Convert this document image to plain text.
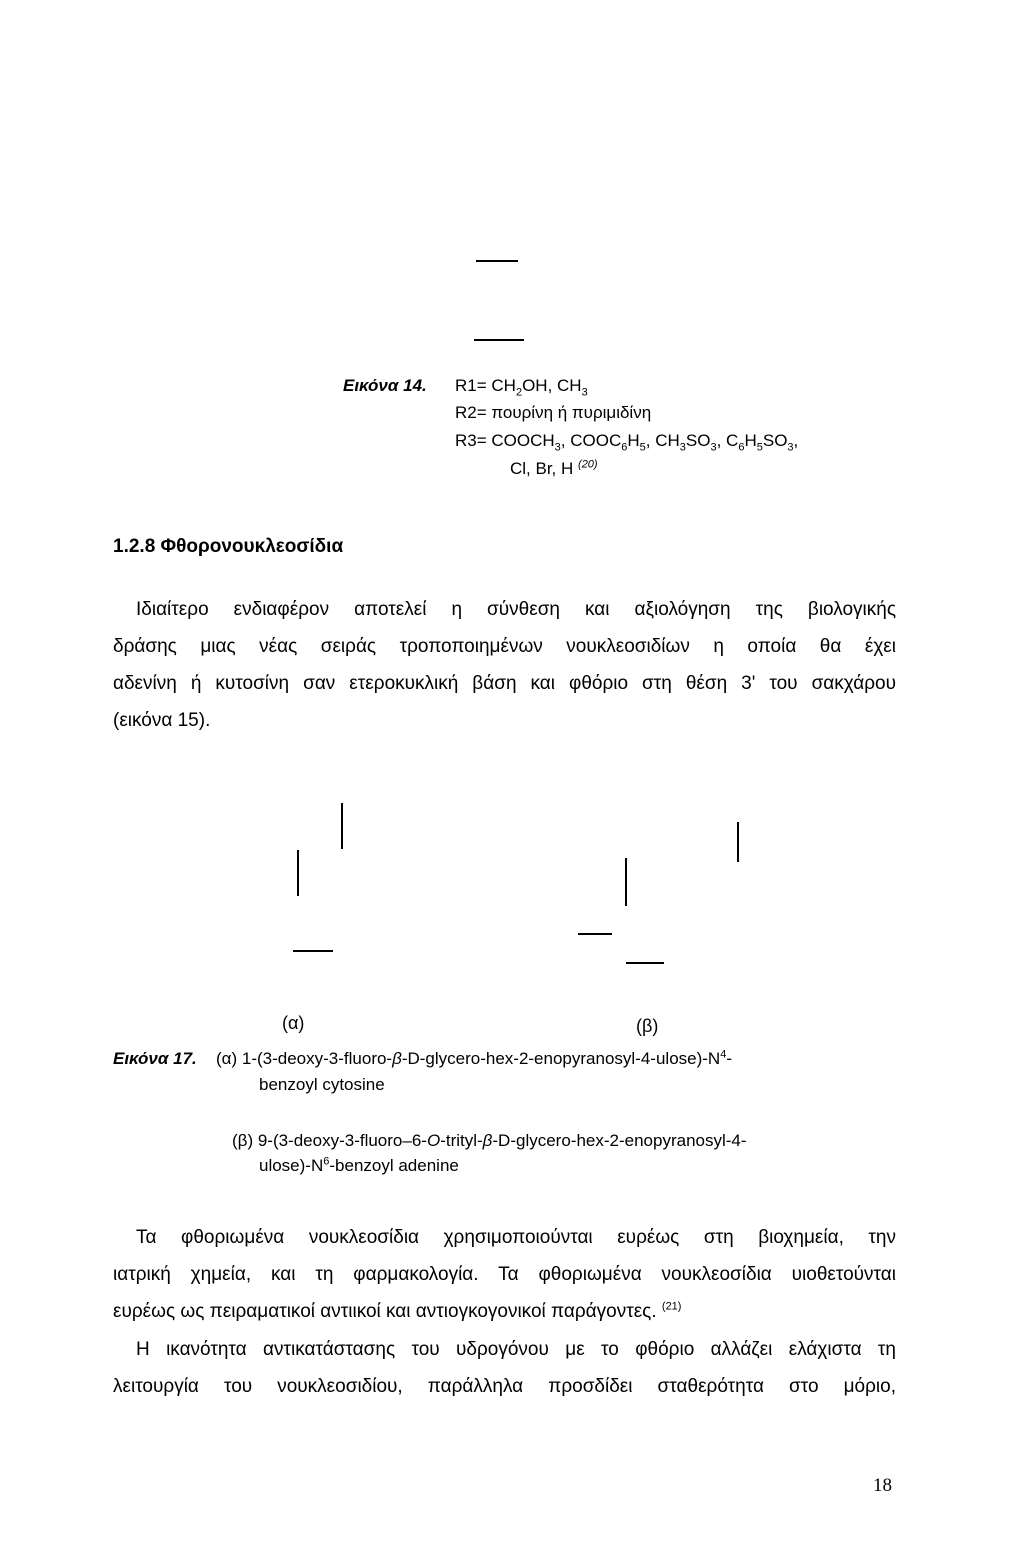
Εικόνα 14. $R1= CH_2OH$, $CH_3$
R2= πουρίνη ή πυριμιδίνη
$R3= COOCH_3$, $COOC_6H_5$, $CH_3SO_3$, $C_6H_5SO_3$,
Cl, Br, H $^{(20)}$
1.2.8 Φθορονουκλεοσίδια
Ιδιαίτερο ενδιαφέρον αποτελεί η σύνθεση και αξιολόγηση της βιολογικής
δράσης μιας νέας σειράς τροποποιημένων νουκλεοσιδίων η οποία θα έχει
αδενίνη ή κυτοσίνη σαν ετεροκυκλική βάση και φθόριο στη θέση 3' του σακχάρου
(εικόνα 15).
(α)	(β)
Εικόνα 17. (α) $1-(3-deoxy-3-fluoro-\beta-D-glycero-hex-2-enopyranosyl-4-ulose)-N^4-$
benzoyl cytosine
(β) 9-(3-deoxy-3-fluoro–6-O-trityl-β-D-glycero-hex-2-enopyranosyl-4-
$ulose)-N^6$-benzoyl adenine
Τα φθοριωμένα νουκλεοσίδια χρησιμοποιούνται ευρέως στη βιοχημεία, την
ιατρική χημεία, και τη φαρμακολογία. Τα φθοριωμένα νουκλεοσίδια υιοθετούνται
ευρέως ως πειραματικοί αντιικοί και αντιογκογονικοί παράγοντες. $^{(21)}$
Η ικανότητα αντικατάστασης του υδρογόνου με το φθόριο αλλάζει ελάχιστα τη
λειτουργία του νουκλεοσιδίου, παράλληλα προσδίδει σταθερότητα στο μόριο,
18
